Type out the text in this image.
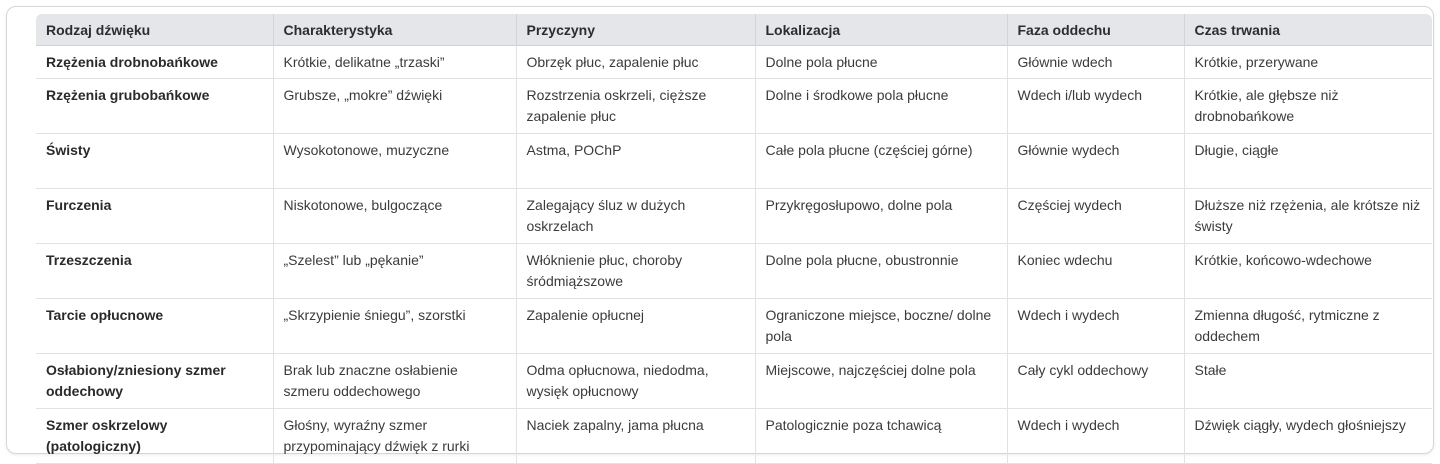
Rodzaj dźwięku	Charakterystyka	Przyczyny	Lokalizacja	Faza oddechu	Czas trwania
Rzężenia drobnobańkowe	Krótkie, delikatne „trzaski”	Obrzęk płuc, zapalenie płuc	Dolne pola płucne	Głównie wdech	Krótkie, przerywane
Rzężenia grubobańkowe	Grubsze, „mokre” dźwięki	Rozstrzenia oskrzeli, cięższe zapalenie płuc	Dolne i środkowe pola płucne	Wdech i/lub wydech	Krótkie, ale głębsze niż drobnobańkowe
Świsty	Wysokotonowe, muzyczne	Astma, POChP	Całe pola płucne (częściej górne)	Głównie wydech	Długie, ciągłe
Furczenia	Niskotonowe, bulgoczące	Zalegający śluz w dużych oskrzelach	Przykręgosłupowo, dolne pola	Częściej wydech	Dłuższe niż rzężenia, ale krótsze niż świsty
Trzeszczenia	„Szelest” lub „pękanie”	Włóknienie płuc, choroby śródmiąższowe	Dolne pola płucne, obustronnie	Koniec wdechu	Krótkie, końcowo-wdechowe
Tarcie opłucnowe	„Skrzypienie śniegu”, szorstki	Zapalenie opłucnej	Ograniczone miejsce, boczne/ dolne pola	Wdech i wydech	Zmienna długość, rytmiczne z oddechem
Osłabiony/zniesiony szmer oddechowy	Brak lub znaczne osłabienie szmeru oddechowego	Odma opłucnowa, niedodma, wysięk opłucnowy	Miejscowe, najczęściej dolne pola	Cały cykl oddechowy	Stałe
Szmer oskrzelowy (patologiczny)	Głośny, wyraźny szmer przypominający dźwięk z rurki	Naciek zapalny, jama płucna	Patologicznie poza tchawicą	Wdech i wydech	Dźwięk ciągły, wydech głośniejszy
